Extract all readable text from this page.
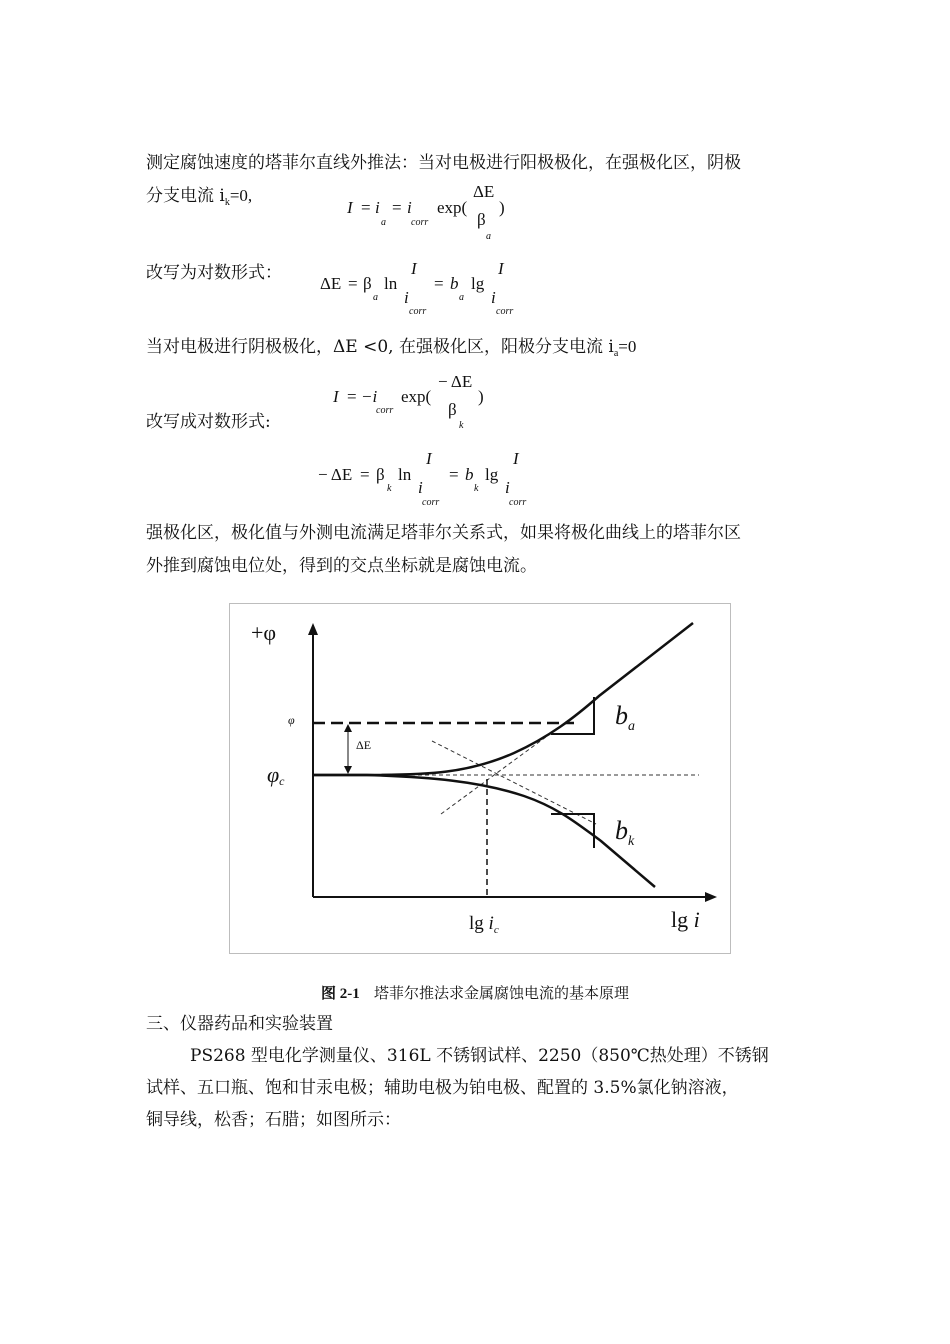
测定腐蚀速度的塔菲尔直线外推法：当对电极进行阳极极化，在强极化区，阴极
分支电流 $i_k=0$,
I = i
a
= i
corr
exp(
ΔE
β
a
)
改写为对数形式：
ΔE = β
a
ln
I
i
corr
= b
a
lg
I
i
corr
当对电极进行阴极极化，ΔE <0, 在强极化区，阳极分支电流 $i_a=0$
I = −i
corr
exp(
− ΔE
β
k
)
改写成对数形式:
− ΔE = β
k
ln
I
i
corr
= b
k
lg
I
i
corr
强极化区，极化值与外测电流满足塔菲尔关系式，如果将极化曲线上的塔菲尔区
外推到腐蚀电位处，得到的交点坐标就是腐蚀电流。
+φ
φ
φc
ΔE
$b_a$
$b_k$
$\lg i_c$	lg i
图 2-1 塔菲尔推法求金属腐蚀电流的基本原理
三、仪器药品和实验装置
PS268 型电化学测量仪、316L 不锈钢试样、2250（850℃热处理）不锈钢
试样、五口瓶、饱和甘汞电极；辅助电极为铂电极、配置的 3.5%氯化钠溶液，
铜导线，松香；石腊；如图所示：
